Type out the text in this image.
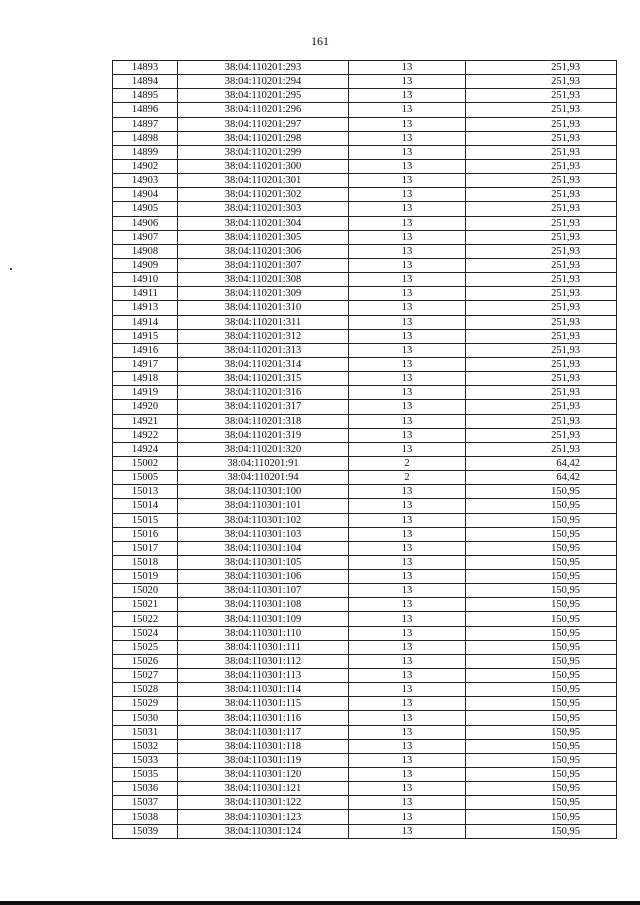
161
14893	38:04:110201:293	13	251,93
14894	38:04:110201:294	13	251,93
14895	38:04:110201:295	13	251,93
14896	38:04:110201:296	13	251,93
14897	38:04:110201:297	13	251,93
14898	38:04:110201:298	13	251,93
14899	38:04:110201:299	13	251,93
14902	38:04:110201:300	13	251,93
14903	38:04:110201:301	13	251,93
14904	38:04:110201:302	13	251,93
14905	38:04:110201:303	13	251,93
14906	38:04:110201:304	13	251,93
14907	38:04:110201:305	13	251,93
14908	38:04:110201:306	13	251,93
14909	38:04:110201:307	13	251,93
14910	38:04:110201:308	13	251,93
14911	38:04:110201:309	13	251,93
14913	38:04:110201:310	13	251,93
14914	38:04:110201:311	13	251,93
14915	38:04:110201:312	13	251,93
14916	38:04:110201:313	13	251,93
14917	38:04:110201:314	13	251,93
14918	38:04:110201:315	13	251,93
14919	38:04:110201:316	13	251,93
14920	38:04:110201:317	13	251,93
14921	38:04:110201:318	13	251,93
14922	38:04:110201:319	13	251,93
14924	38:04:110201:320	13	251,93
15002	38:04:110201:91	2	64,42
15005	38:04:110201:94	2	64,42
15013	38:04:110301:100	13	150,95
15014	38:04:110301:101	13	150,95
15015	38:04:110301:102	13	150,95
15016	38:04:110301:103	13	150,95
15017	38:04:110301:104	13	150,95
15018	38:04:110301:105	13	150,95
15019	38:04:110301:106	13	150,95
15020	38:04:110301:107	13	150,95
15021	38:04:110301:108	13	150,95
15022	38:04:110301:109	13	150,95
15024	38:04:110301:110	13	150,95
15025	38:04:110301:111	13	150,95
15026	38:04:110301:112	13	150,95
15027	38:04:110301:113	13	150,95
15028	38:04:110301:114	13	150,95
15029	38:04:110301:115	13	150,95
15030	38:04:110301:116	13	150,95
15031	38:04:110301:117	13	150,95
15032	38:04:110301:118	13	150,95
15033	38:04:110301:119	13	150,95
15035	38:04:110301:120	13	150,95
15036	38:04:110301:121	13	150,95
15037	38:04:110301:122	13	150,95
15038	38:04:110301:123	13	150,95
15039	38:04:110301:124	13	150,95
